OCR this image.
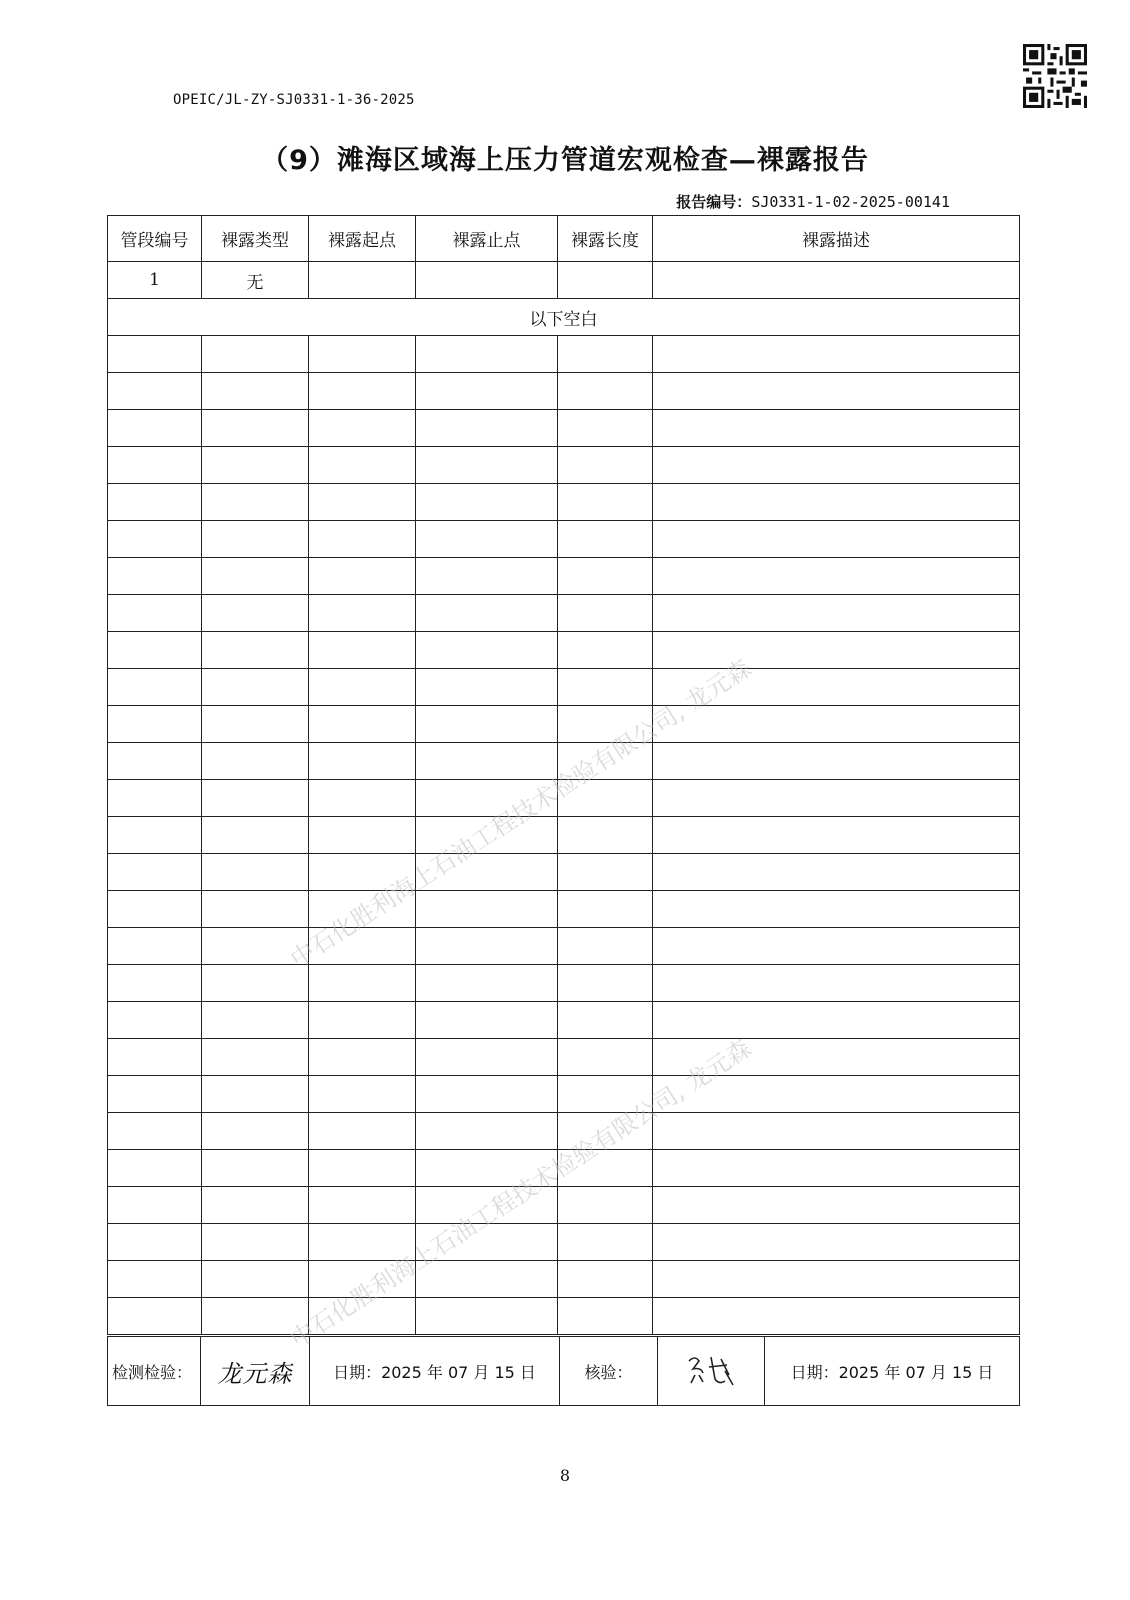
OPEIC/JL-ZY-SJ0331-1-36-2025
（9）滩海区域海上压力管道宏观检查—裸露报告
报告编号：SJ0331-1-02-2025-00141
管段编号	裸露类型	裸露起点	裸露止点	裸露长度	裸露描述
1	无				
以下空白					

检测检验：	龙元森	日期：2025 年 07 月 15 日	核验：		日期：2025 年 07 月 15 日
8
中石化胜利海上石油工程技术检验有限公司, 龙元森
中石化胜利海上石油工程技术检验有限公司, 龙元森
